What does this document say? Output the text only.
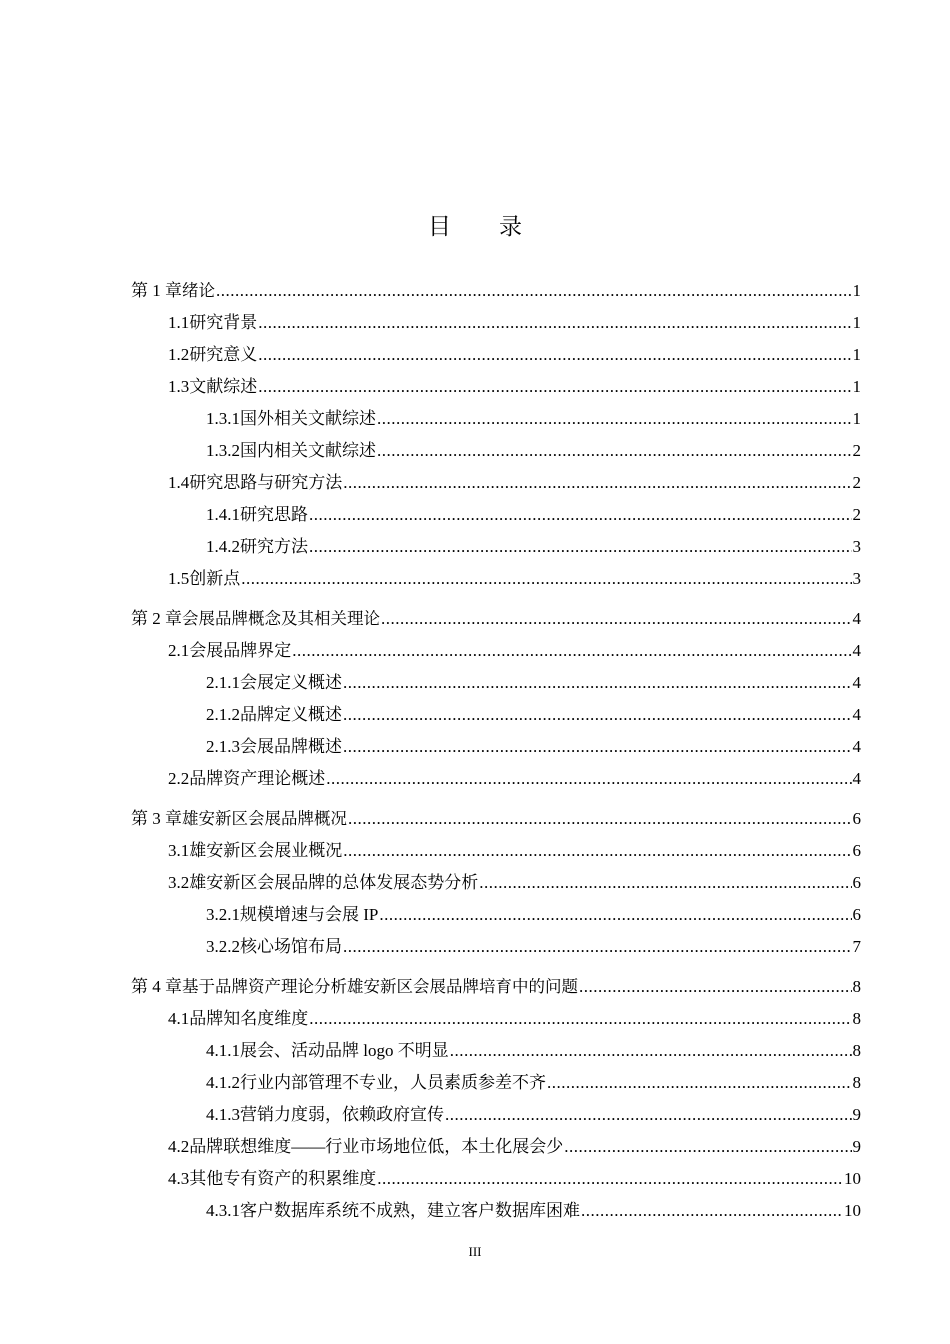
目录
第 1 章 绪论 .....	1
1.1 研究背景 .....	1
1.2 研究意义 .....	1
1.3 文献综述 .....	1
1.3.1 国外相关文献综述 .....	1
1.3.2 国内相关文献综述 .....	2
1.4 研究思路与研究方法 .....	2
1.4.1 研究思路 .....	2
1.4.2 研究方法 .....	3
1.5 创新点 .....	3
第 2 章 会展品牌概念及其相关理论 .....	4
2.1 会展品牌界定 .....	4
2.1.1 会展定义概述 .....	4
2.1.2 品牌定义概述 .....	4
2.1.3 会展品牌概述 .....	4
2.2 品牌资产理论概述 .....	4
第 3 章 雄安新区会展品牌概况 .....	6
3.1 雄安新区会展业概况 .....	6
3.2 雄安新区会展品牌的总体发展态势分析 .....	6
3.2.1 规模增速与会展 IP .....	6
3.2.2 核心场馆布局 .....	7
第 4 章 基于品牌资产理论分析雄安新区会展品牌培育中的问题 .....	8
4.1 品牌知名度维度 .....	8
4.1.1 展会、活动品牌 logo 不明显 .....	8
4.1.2 行业内部管理不专业，人员素质参差不齐 .....	8
4.1.3 营销力度弱，依赖政府宣传 .....	9
4.2 品牌联想维度——行业市场地位低，本土化展会少 .....	9
4.3 其他专有资产的积累维度 .....	10
4.3.1 客户数据库系统不成熟，建立客户数据库困难 .....	10
III
